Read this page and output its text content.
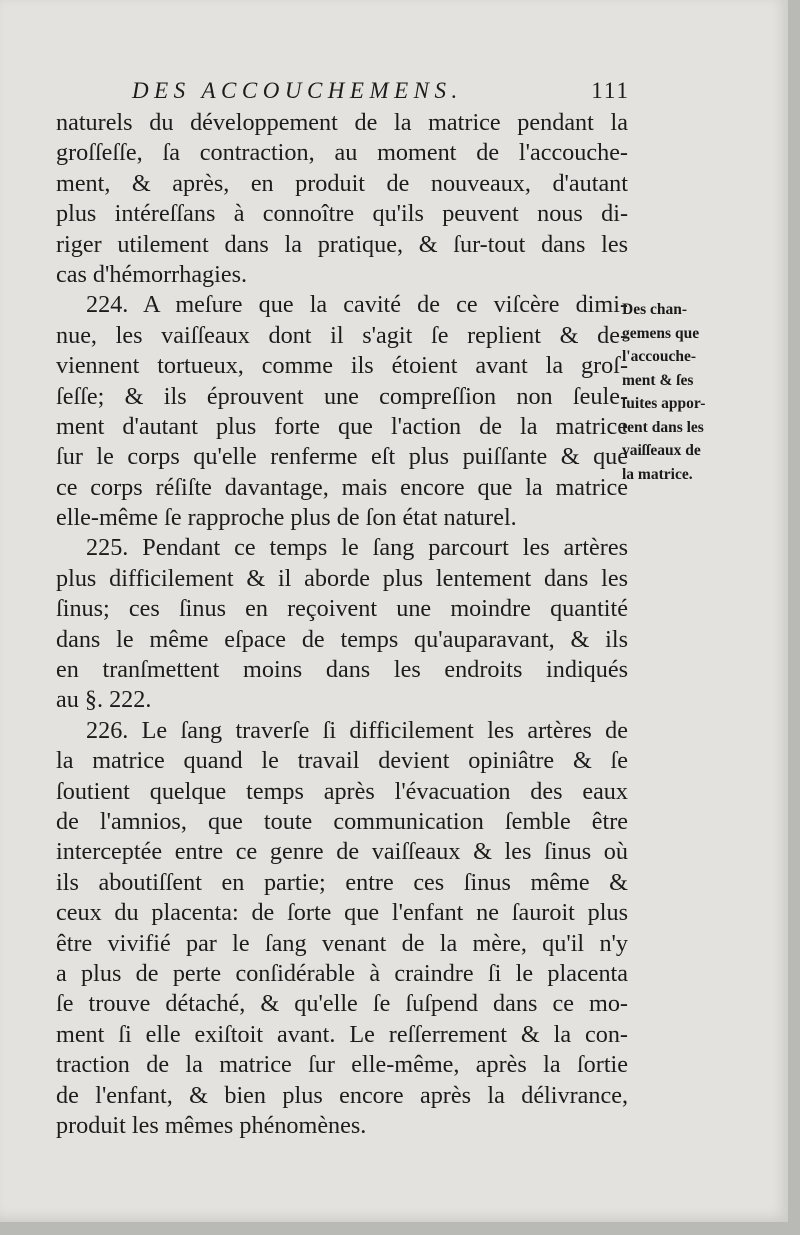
DES ACCOUCHEMENS.	111

naturels du développement de la matrice pendant la
groſſeſſe, ſa contraction, au moment de l'accouche-
ment, & après, en produit de nouveaux, d'autant
plus intéreſſans à connoître qu'ils peuvent nous di-
riger utilement dans la pratique, & ſur-tout dans les
cas d'hémorrhagies.

224. A meſure que la cavité de ce viſcère dimi-
nue, les vaiſſeaux dont il s'agit ſe replient & de-
viennent tortueux, comme ils étoient avant la groſ-
ſeſſe; & ils éprouvent une compreſſion non ſeule-
ment d'autant plus forte que l'action de la matrice
ſur le corps qu'elle renferme eſt plus puiſſante & que
ce corps réſiſte davantage, mais encore que la matrice
elle-même ſe rapproche plus de ſon état naturel.

225. Pendant ce temps le ſang parcourt les artères
plus difficilement & il aborde plus lentement dans les
ſinus; ces ſinus en reçoivent une moindre quantité
dans le même eſpace de temps qu'auparavant, & ils
en tranſmettent moins dans les endroits indiqués
au §. 222.

226. Le ſang traverſe ſi difficilement les artères de
la matrice quand le travail devient opiniâtre & ſe
ſoutient quelque temps après l'évacuation des eaux
de l'amnios, que toute communication ſemble être
interceptée entre ce genre de vaiſſeaux & les ſinus où
ils aboutiſſent en partie; entre ces ſinus même &
ceux du placenta: de ſorte que l'enfant ne ſauroit plus
être vivifié par le ſang venant de la mère, qu'il n'y
a plus de perte conſidérable à craindre ſi le placenta
ſe trouve détaché, & qu'elle ſe ſuſpend dans ce mo-
ment ſi elle exiſtoit avant. Le reſſerrement & la con-
traction de la matrice ſur elle-même, après la ſortie
de l'enfant, & bien plus encore après la délivrance,
produit les mêmes phénomènes.

Des chan-
gemens que
l'accouche-
ment & ſes
ſuites appor-
tent dans les
vaiſſeaux de
la matrice.
